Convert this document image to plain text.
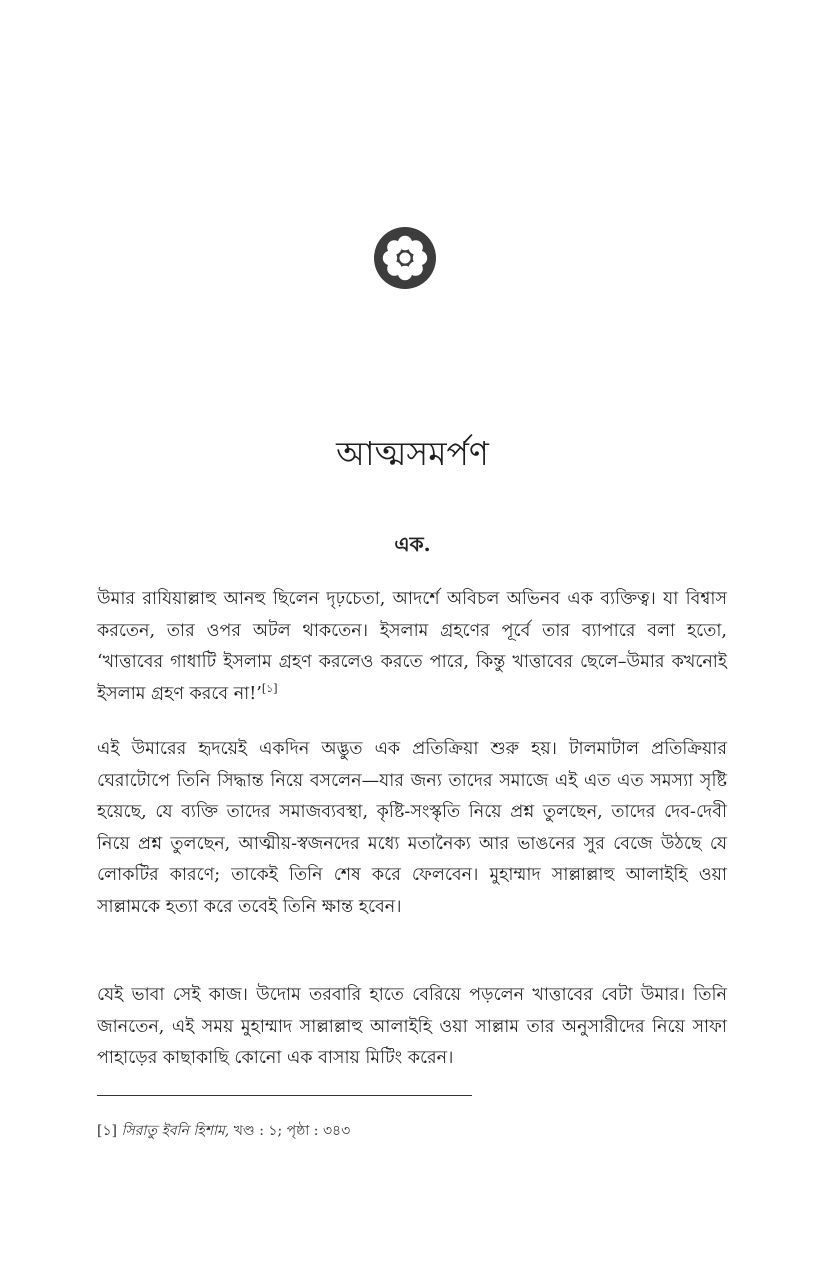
আত্মসমর্পণ
এক.

উমার রাযিয়াল্লাহু আনহু ছিলেন দৃঢ়চেতা, আদর্শে অবিচল অভিনব এক ব্যক্তিত্ব। যা বিশ্বাস করতেন, তার ওপর অটল থাকতেন। ইসলাম গ্রহণের পূর্বে তার ব্যাপারে বলা হতো, ‘খাত্তাবের গাধাটি ইসলাম গ্রহণ করলেও করতে পারে, কিন্তু খাত্তাবের ছেলে–উমার কখনোই ইসলাম গ্রহণ করবে না!’[১]

এই উমারের হৃদয়েই একদিন অদ্ভুত এক প্রতিক্রিয়া শুরু হয়। টালমাটাল প্রতিক্রিয়ার ঘেরাটোপে তিনি সিদ্ধান্ত নিয়ে বসলেন—যার জন্য তাদের সমাজে এই এত এত সমস্যা সৃষ্টি হয়েছে, যে ব্যক্তি তাদের সমাজব্যবস্থা, কৃষ্টি-সংস্কৃতি নিয়ে প্রশ্ন তুলছেন, তাদের দেব-দেবী নিয়ে প্রশ্ন তুলছেন, আত্মীয়-স্বজনদের মধ্যে মতানৈক্য আর ভাঙনের সুর বেজে উঠছে যে লোকটির কারণে; তাকেই তিনি শেষ করে ফেলবেন। মুহাম্মাদ সাল্লাল্লাহু আলাইহি ওয়া সাল্লামকে হত্যা করে তবেই তিনি ক্ষান্ত হবেন।

যেই ভাবা সেই কাজ। উদোম তরবারি হাতে বেরিয়ে পড়লেন খাত্তাবের বেটা উমার। তিনি জানতেন, এই সময় মুহাম্মাদ সাল্লাল্লাহু আলাইহি ওয়া সাল্লাম তার অনুসারীদের নিয়ে সাফা পাহাড়ের কাছাকাছি কোনো এক বাসায় মিটিং করেন।

[১] সিরাতু ইবনি হিশাম, খণ্ড : ১; পৃষ্ঠা : ৩৪৩
